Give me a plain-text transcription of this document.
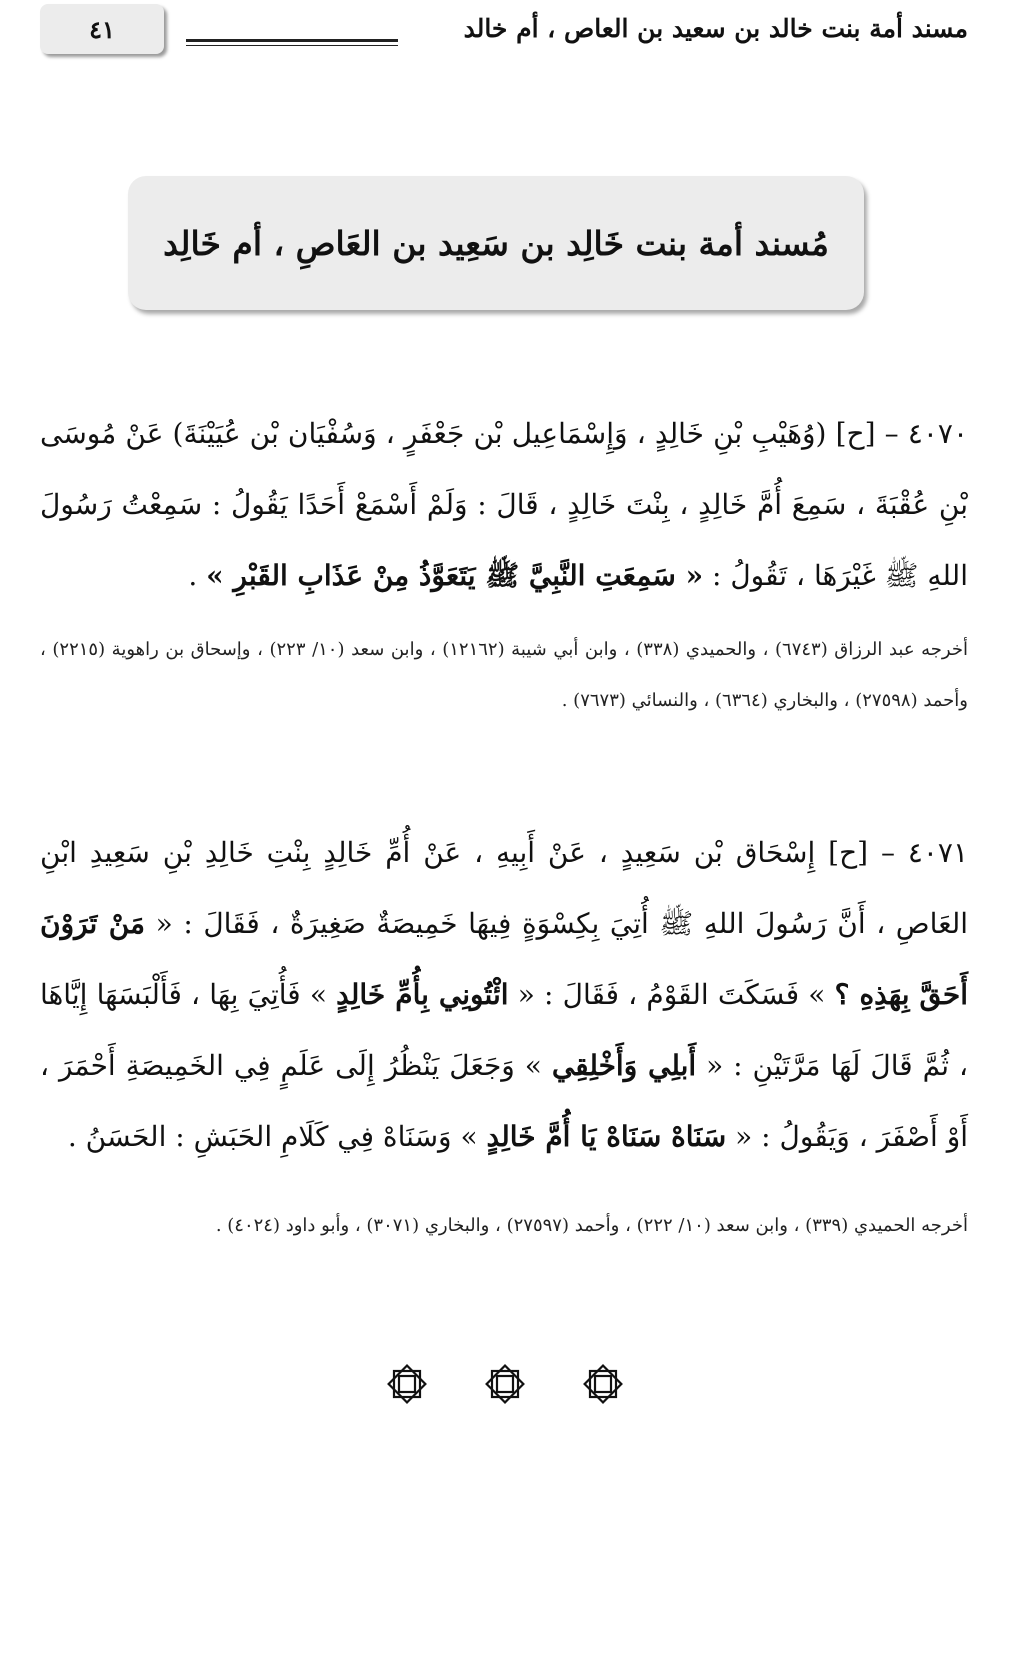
مسند أمة بنت خالد بن سعيد بن العاص ، أم خالد
٤١
مُسند أمة بنت خَالِد بن سَعِيد بن العَاصِ ، أم خَالِد
٤٠٧٠ – [ح] (وُهَيْبِ بْنِ خَالِدٍ ، وَإِسْمَاعِيل بْن جَعْفَرٍ ، وَسُفْيَان بْن عُيَيْنَةَ) عَنْ مُوسَى بْنِ عُقْبَةَ ، سَمِعَ أُمَّ خَالِدٍ ، بِنْتَ خَالِدٍ ، قَالَ : وَلَمْ أَسْمَعْ أَحَدًا يَقُولُ : سَمِعْتُ رَسُولَ اللهِ ﷺ غَيْرَهَا ، تَقُولُ : « سَمِعَتِ النَّبِيَّ ﷺ يَتَعَوَّذُ مِنْ عَذَابِ القَبْرِ » .
أخرجه عبد الرزاق (٦٧٤٣) ، والحميدي (٣٣٨) ، وابن أبي شيبة (١٢١٦٢) ، وابن سعد (١٠/ ٢٢٣) ، وإسحاق بن راهوية (٢٢١٥) ، وأحمد (٢٧٥٩٨) ، والبخاري (٦٣٦٤) ، والنسائي (٧٦٧٣) .
٤٠٧١ – [ح] إِسْحَاق بْن سَعِيدٍ ، عَنْ أَبِيهِ ، عَنْ أُمِّ خَالِدٍ بِنْتِ خَالِدِ بْنِ سَعِيدِ ابْنِ العَاصِ ، أَنَّ رَسُولَ اللهِ ﷺ أُتِيَ بِكِسْوَةٍ فِيهَا خَمِيصَةٌ صَغِيرَةٌ ، فَقَالَ : « مَنْ تَرَوْنَ أَحَقَّ بِهَذِهِ ؟ » فَسَكَتَ القَوْمُ ، فَقَالَ : « ائْتُونِي بِأُمِّ خَالِدٍ » فَأُتِيَ بِهَا ، فَأَلْبَسَهَا إِيَّاهَا ، ثُمَّ قَالَ لَهَا مَرَّتَيْنِ : « أَبلِي وَأَخْلِقِي » وَجَعَلَ يَنْظُرُ إِلَى عَلَمٍ فِي الخَمِيصَةِ أَحْمَرَ ، أَوْ أَصْفَرَ ، وَيَقُولُ : « سَنَاهْ سَنَاهْ يَا أُمَّ خَالِدٍ » وَسَنَاهْ فِي كَلَامِ الحَبَشِ : الحَسَنُ .
أخرجه الحميدي (٣٣٩) ، وابن سعد (١٠/ ٢٢٢) ، وأحمد (٢٧٥٩٧) ، والبخاري (٣٠٧١) ، وأبو داود (٤٠٢٤) .
